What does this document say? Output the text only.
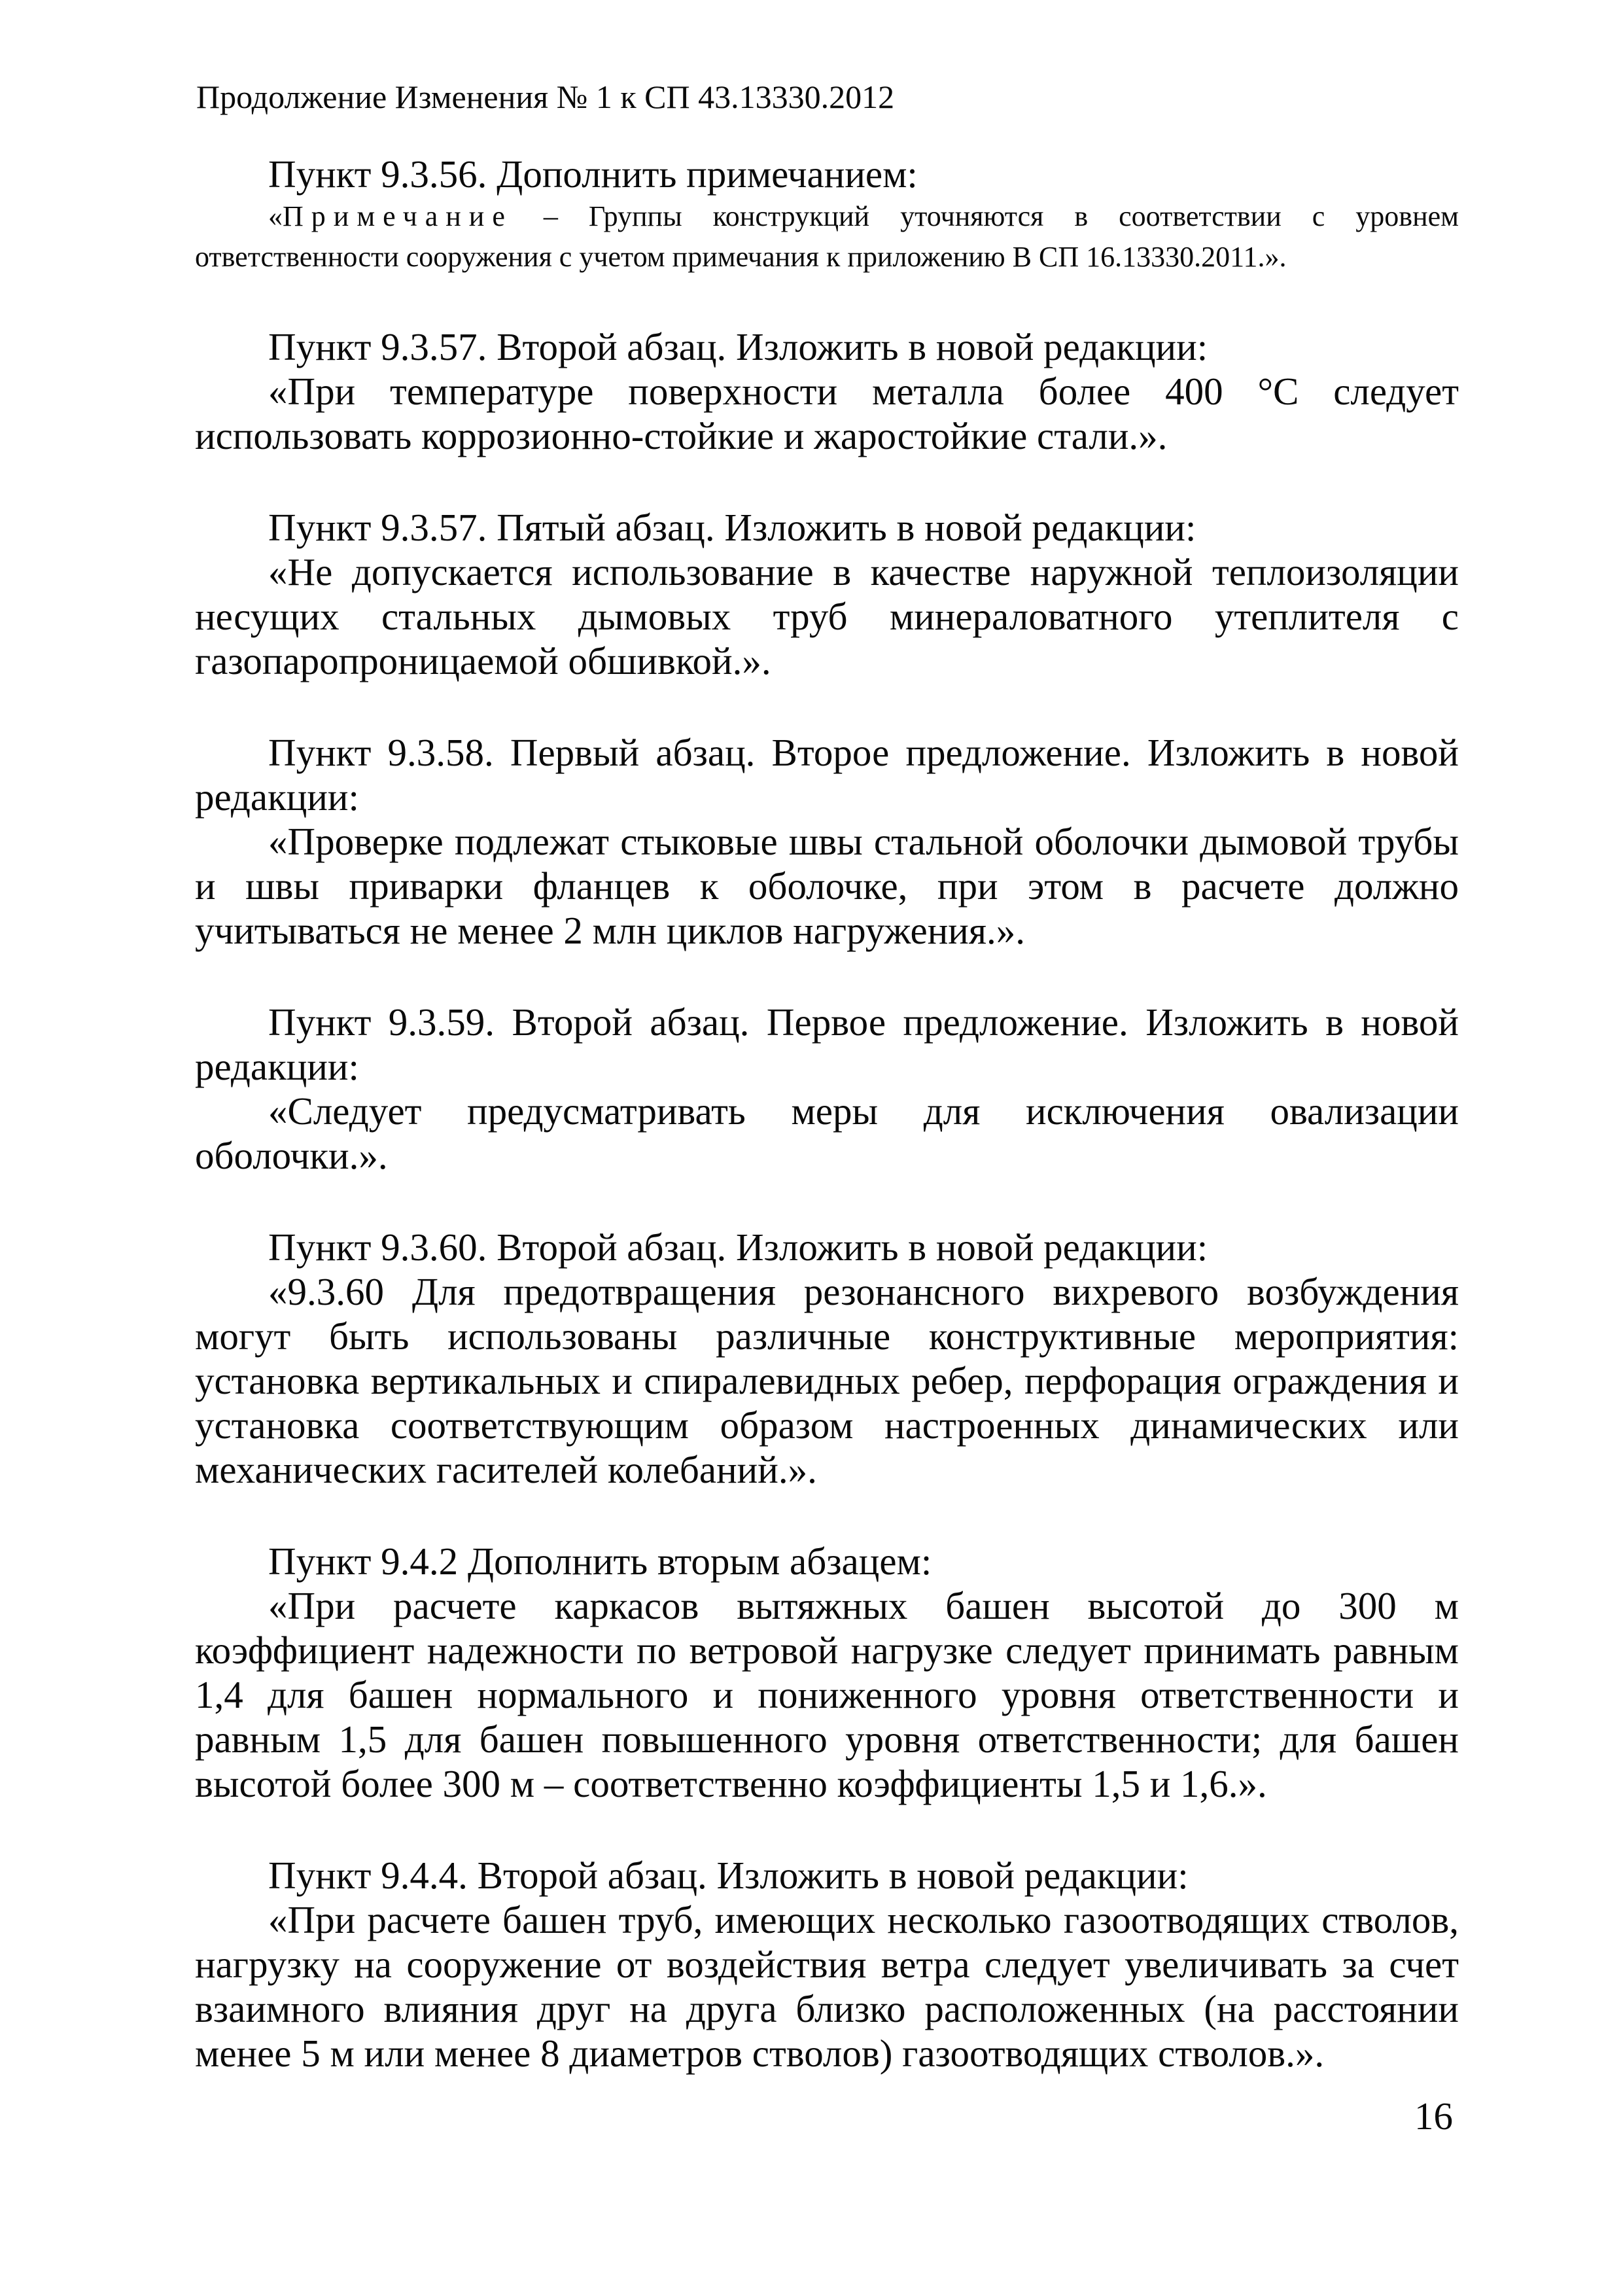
Продолжение Изменения № 1 к СП 43.13330.2012

Пункт 9.3.56. Дополнить примечанием:

«Примечание – Группы конструкций уточняются в соответствии с уровнем ответственности сооружения с учетом примечания к приложению В СП 16.13330.2011.».

Пункт 9.3.57. Второй абзац. Изложить в новой редакции:

«При температуре поверхности металла более 400 °С следует использовать коррозионно-стойкие и жаростойкие стали.».

Пункт 9.3.57. Пятый абзац. Изложить в новой редакции:

«Не допускается использование в качестве наружной теплоизоляции несущих стальных дымовых труб минераловатного утеплителя с газопаропроницаемой обшивкой.».

Пункт 9.3.58. Первый абзац. Второе предложение. Изложить в новой редакции:

«Проверке подлежат стыковые швы стальной оболочки дымовой трубы и швы приварки фланцев к оболочке, при этом в расчете должно учитываться не менее 2 млн циклов нагружения.».

Пункт 9.3.59. Второй абзац. Первое предложение. Изложить в новой редакции:

«Следует предусматривать меры для исключения овализации оболочки.».

Пункт 9.3.60. Второй абзац. Изложить в новой редакции:

«9.3.60 Для предотвращения резонансного вихревого возбуждения могут быть использованы различные конструктивные мероприятия: установка вертикальных и спиралевидных ребер, перфорация ограждения и установка соответствующим образом настроенных динамических или механических гасителей колебаний.».

Пункт 9.4.2 Дополнить вторым абзацем:

«При расчете каркасов вытяжных башен высотой до 300 м коэффициент надежности по ветровой нагрузке следует принимать равным 1,4 для башен нормального и пониженного уровня ответственности и равным 1,5 для башен повышенного уровня ответственности; для башен высотой более 300 м – соответственно коэффициенты 1,5 и 1,6.».

Пункт 9.4.4. Второй абзац. Изложить в новой редакции:

«При расчете башен труб, имеющих несколько газоотводящих стволов, нагрузку на сооружение от воздействия ветра следует увеличивать за счет взаимного влияния друг на друга близко расположенных (на расстоянии менее 5 м или менее 8 диаметров стволов) газоотводящих стволов.».

16
